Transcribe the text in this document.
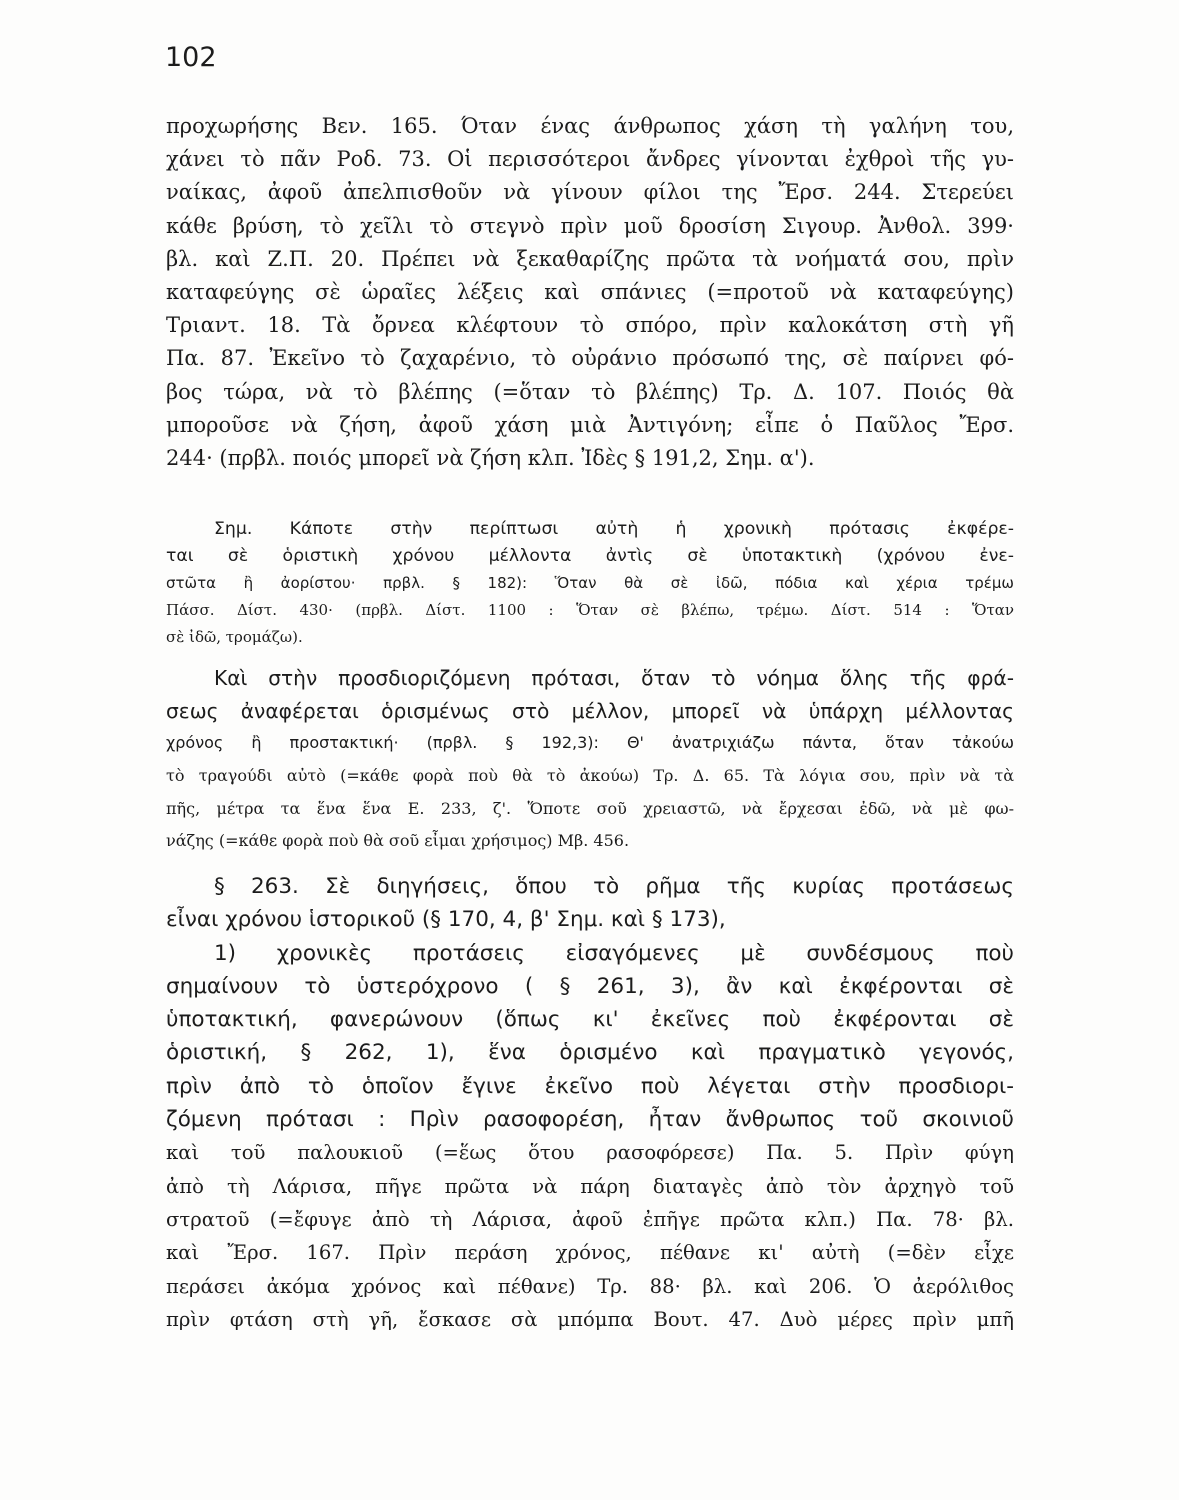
102
προχωρήσης Βεν. 165. Όταν ένας άνθρωπος χάση τὴ γαλήνη του,
χάνει τὸ πᾶν Ροδ. 73. Οἱ περισσότεροι ἄνδρες γίνονται ἐχθροὶ τῆς γυ-
ναίκας, ἀφοῦ ἀπελπισθοῦν νὰ γίνουν φίλοι της Ἔρσ. 244. Στερεύει
κάθε βρύση, τὸ χεῖλι τὸ στεγνὸ πρὶν μοῦ δροσίση Σιγουρ. Ἀνθολ. 399·
βλ. καὶ Ζ.Π. 20. Πρέπει νὰ ξεκαθαρίζης πρῶτα τὰ νοήματά σου, πρὶν
καταφεύγης σὲ ὡραῖες λέξεις καὶ σπάνιες (=προτοῦ νὰ καταφεύγης)
Τριαντ. 18. Τὰ ὄρνεα κλέφτουν τὸ σπόρο, πρὶν καλοκάτση στὴ γῆ
Πα. 87. Ἐκεῖνο τὸ ζαχαρένιο, τὸ οὐράνιο πρόσωπό της, σὲ παίρνει φό-
βος τώρα, νὰ τὸ βλέπης (=ὅταν τὸ βλέπης) Τρ. Δ. 107. Ποιός θὰ
μποροῦσε νὰ ζήση, ἀφοῦ χάση μιὰ Ἀντιγόνη; εἶπε ὁ Παῦλος Ἔρσ.
244· (πρβλ. ποιός μπορεῖ νὰ ζήση κλπ. Ἰδὲς § 191,2, Σημ. α').
Σημ. Κάποτε στὴν περίπτωσι αὐτὴ ἡ χρονικὴ πρότασις ἐκφέρε-
ται σὲ ὁριστικὴ χρόνου μέλλοντα ἀντὶς σὲ ὑποτακτικὴ (χρόνου ἐνε-
στῶτα ἢ ἀορίστου· πρβλ. § 182): Ὅταν θὰ σὲ ἰδῶ, πόδια καὶ χέρια τρέμω
Πάσσ. Δίστ. 430· (πρβλ. Δίστ. 1100 : Ὅταν σὲ βλέπω, τρέμω. Δίστ. 514 : Ὅταν
σὲ ἰδῶ, τρομάζω).
Καὶ στὴν προσδιοριζόμενη πρότασι, ὅταν τὸ νόημα ὅλης τῆς φρά-
σεως ἀναφέρεται ὁρισμένως στὸ μέλλον, μπορεῖ νὰ ὑπάρχη μέλλοντας
χρόνος ἢ προστακτική· (πρβλ. § 192,3): Θ' ἀνατριχιάζω πάντα, ὅταν τἀκούω
τὸ τραγούδι αὐτὸ (=κάθε φορὰ ποὺ θὰ τὸ ἀκούω) Τρ. Δ. 65. Τὰ λόγια σου, πρὶν νὰ τὰ
πῆς, μέτρα τα ἕνα ἕνα Ε. 233, ζ'. Ὅποτε σοῦ χρειαστῶ, νὰ ἔρχεσαι ἐδῶ, νὰ μὲ φω-
νάζης (=κάθε φορὰ ποὺ θὰ σοῦ εἶμαι χρήσιμος) Μβ. 456.
§ 263. Σὲ διηγήσεις, ὅπου τὸ ρῆμα τῆς κυρίας προτάσεως
εἶναι χρόνου ἱστορικοῦ (§ 170, 4, β' Σημ. καὶ § 173),
1) χρονικὲς προτάσεις εἰσαγόμενες μὲ συνδέσμους ποὺ
σημαίνουν τὸ ὑστερόχρονο ( § 261, 3), ἂν καὶ ἐκφέρονται σὲ
ὑποτακτική, φανερώνουν (ὅπως κι' ἐκεῖνες ποὺ ἐκφέρονται σὲ
ὁριστική, § 262, 1), ἕνα ὁρισμένο καὶ πραγματικὸ γεγονός,
πρὶν ἀπὸ τὸ ὁποῖον ἔγινε ἐκεῖνο ποὺ λέγεται στὴν προσδιορι-
ζόμενη πρότασι : Πρὶν ρασοφορέση, ἦταν ἄνθρωπος τοῦ σκοινιοῦ
καὶ τοῦ παλουκιοῦ (=ἕως ὅτου ρασοφόρεσε) Πα. 5. Πρὶν φύγη
ἀπὸ τὴ Λάρισα, πῆγε πρῶτα νὰ πάρη διαταγὲς ἀπὸ τὸν ἀρχηγὸ τοῦ
στρατοῦ (=ἔφυγε ἀπὸ τὴ Λάρισα, ἀφοῦ ἐπῆγε πρῶτα κλπ.) Πα. 78· βλ.
καὶ Ἔρσ. 167. Πρὶν περάση χρόνος, πέθανε κι' αὐτὴ (=δὲν εἶχε
περάσει ἀκόμα χρόνος καὶ πέθανε) Τρ. 88· βλ. καὶ 206. Ὁ ἀερόλιθος
πρὶν φτάση στὴ γῆ, ἔσκασε σὰ μπόμπα Βουτ. 47. Δυὸ μέρες πρὶν μπῆ
